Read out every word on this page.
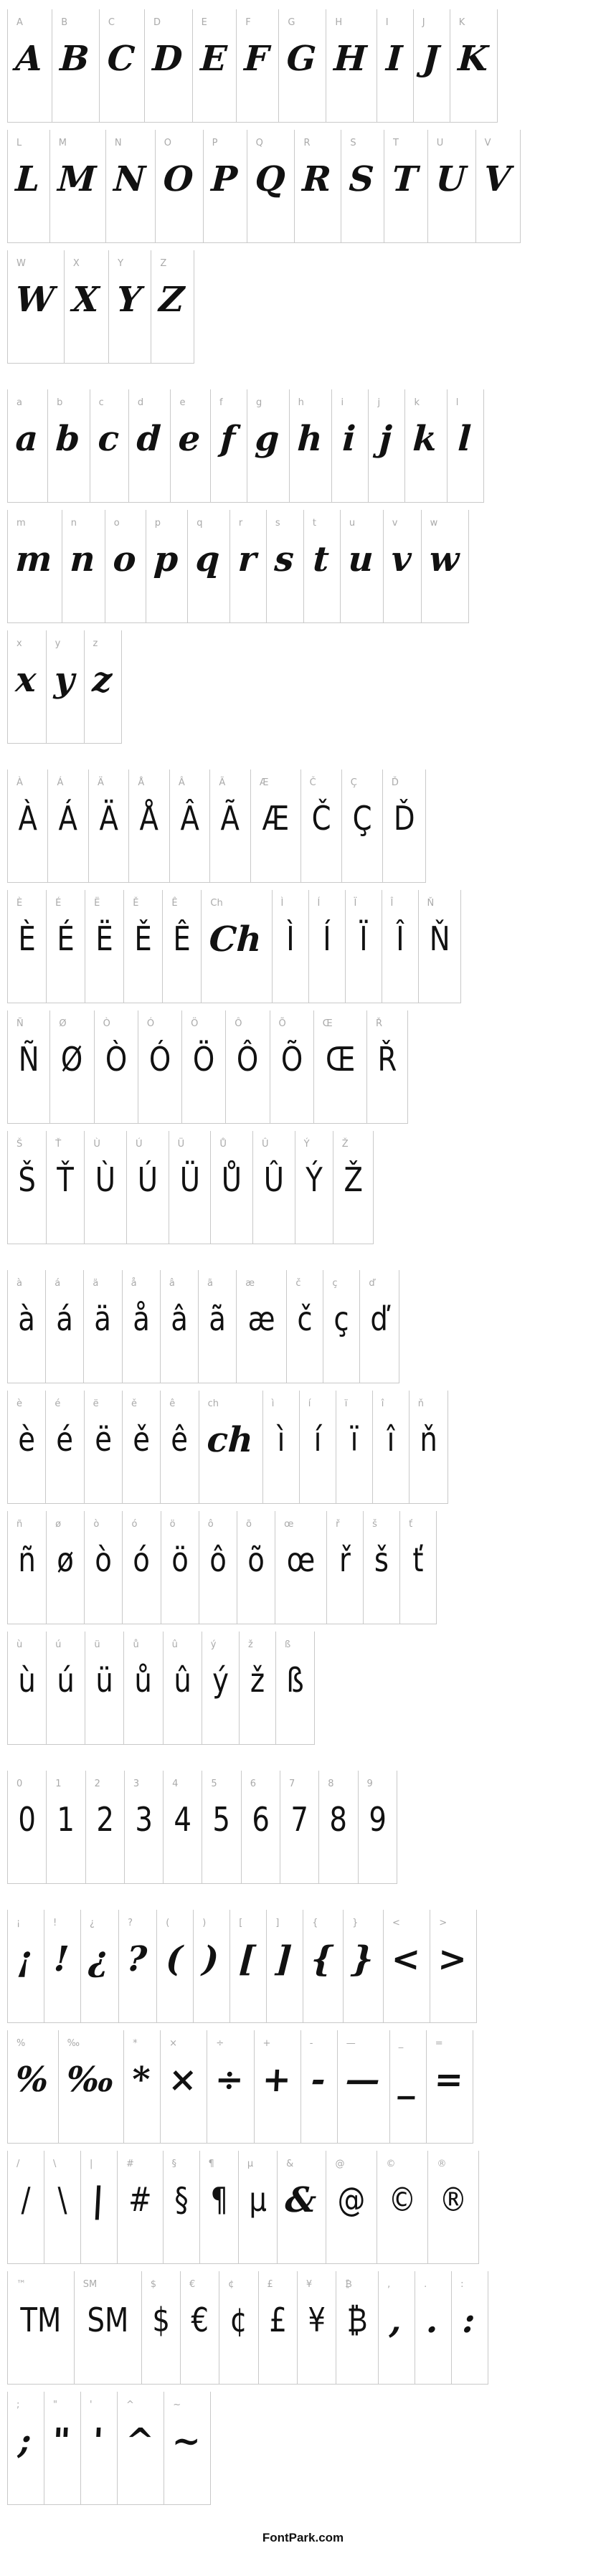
A
A
B
B
C
C
D
D
E
E
F
F
G
G
H
H
I
I
J
J
K
K
L
L
M
M
N
N
O
O
P
P
Q
Q
R
R
S
S
T
T
U
U
V
V
W
W
X
X
Y
Y
Z
Z
a
a
b
b
c
c
d
d
e
e
f
f
g
g
h
h
i
i
j
j
k
k
l
l
m
m
n
n
o
o
p
p
q
q
r
r
s
s
t
t
u
u
v
v
w
w
x
x
y
y
z
z
À
À
Á
Á
Ä
Ä
Å
Å
Â
Â
Ã
Ã
Æ
Æ
Č
Č
Ç
Ç
Ď
Ď
È
È
É
É
Ë
Ë
Ě
Ě
Ê
Ê
Ch
Ch
Ì
Ì
Í
Í
Ï
Ï
Î
Î
Ň
Ň
Ñ
Ñ
Ø
Ø
Ò
Ò
Ó
Ó
Ö
Ö
Ô
Ô
Õ
Õ
Œ
Œ
Ř
Ř
Š
Š
Ť
Ť
Ù
Ù
Ú
Ú
Ü
Ü
Ů
Ů
Û
Û
Ý
Ý
Ž
Ž
à
à
á
á
ä
ä
å
å
â
â
ã
ã
æ
æ
č
č
ç
ç
ď
ď
è
è
é
é
ë
ë
ě
ě
ê
ê
ch
ch
ì
ì
í
í
ï
ï
î
î
ň
ň
ñ
ñ
ø
ø
ò
ò
ó
ó
ö
ö
ô
ô
õ
õ
œ
œ
ř
ř
š
š
ť
ť
ù
ù
ú
ú
ü
ü
ů
ů
û
û
ý
ý
ž
ž
ß
ß
0
0
1
1
2
2
3
3
4
4
5
5
6
6
7
7
8
8
9
9
¡
¡
!
!
¿
¿
?
?
(
(
)
)
[
[
]
]
{
{
}
}
<
<
>
>
%
%
‰
‰
*
*
×
×
÷
÷
+
+
-
-
—
—
_
_
=
=
/
/
\
\
|
|
#
#
§
§
¶
¶
µ
µ
&
&
@
@
©
©
®
®
™
TM
SM
SM
$
$
€
€
¢
¢
£
£
¥
¥
₿
₿
,
,
.
.
:
:
;
;
"
"
'
'
^
^
~
~
FontPark.com
